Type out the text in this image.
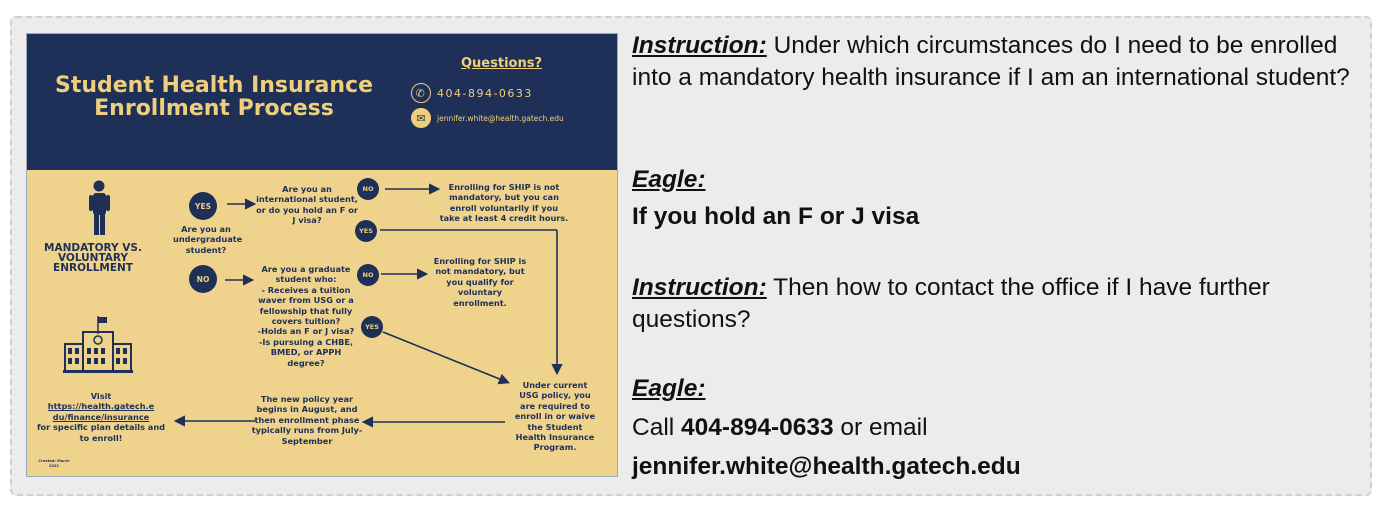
Student Health Insurance Enrollment Process
Questions?
✆ 404-894-0633
✉	jennifer.white@health.gatech.edu
MANDATORY VS. VOLUNTARY ENROLLMENT
YES
Are you an undergraduate student?
NO
Are you an international student, or do you hold an F or J visa?
NO
YES
Enrolling for SHIP is not mandatory, but you can enroll voluntarily if you take at least 4 credit hours.
Are you a graduate student who:
- Receives a tuition waver from USG or a fellowship that fully covers tuition?
-Holds an F or J visa?
-Is pursuing a CHBE, BMED, or APPH degree?
NO
YES
Enrolling for SHIP is not mandatory, but you qualify for voluntary enrollment.
Under current USG policy, you are required to enroll in or waive the Student Health Insurance Program.
The new policy year begins in August, and then enrollment phase typically runs from July-September
Visit
https://health.gatech.e du/finance/insurance
for specific plan details and to enroll!
Created: March 2021
Instruction: Under which circumstances do I need to be enrolled into a mandatory health insurance if I am an international student?
Eagle:
If you hold an F or J visa
Instruction: Then how to contact the office if I have further questions?
Eagle:
Call 404-894-0633 or email
jennifer.white@health.gatech.edu
